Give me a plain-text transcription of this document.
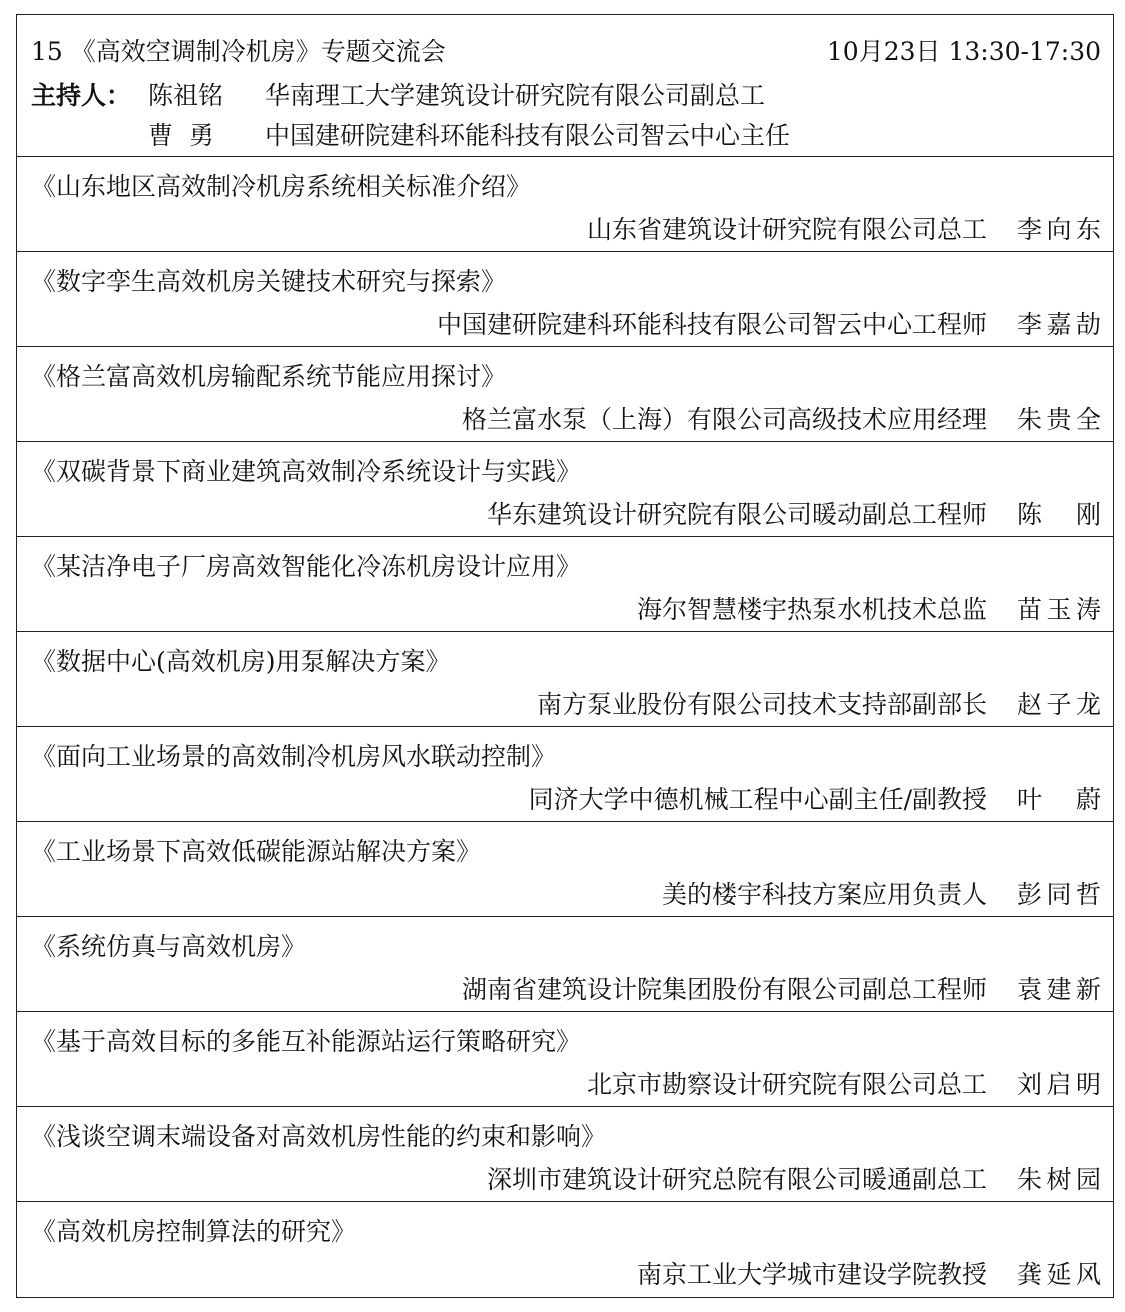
15 《高效空调制冷机房》专题交流会	10月23日 13:30-17:30
主持人： 陈祖铭 华南理工大学建筑设计研究院有限公司副总工
曹  勇 中国建研院建科环能科技有限公司智云中心主任
《山东地区高效制冷机房系统相关标准介绍》
山东省建筑设计研究院有限公司总工 李向东
《数字孪生高效机房关键技术研究与探索》
中国建研院建科环能科技有限公司智云中心工程师 李嘉劼
《格兰富高效机房输配系统节能应用探讨》
格兰富水泵（上海）有限公司高级技术应用经理 朱贵全
《双碳背景下商业建筑高效制冷系统设计与实践》
华东建筑设计研究院有限公司暖动副总工程师 陈 刚
《某洁净电子厂房高效智能化冷冻机房设计应用》
海尔智慧楼宇热泵水机技术总监 苗玉涛
《数据中心(高效机房)用泵解决方案》
南方泵业股份有限公司技术支持部副部长 赵子龙
《面向工业场景的高效制冷机房风水联动控制》
同济大学中德机械工程中心副主任/副教授 叶 蔚
《工业场景下高效低碳能源站解决方案》
美的楼宇科技方案应用负责人 彭同哲
《系统仿真与高效机房》
湖南省建筑设计院集团股份有限公司副总工程师 袁建新
《基于高效目标的多能互补能源站运行策略研究》
北京市勘察设计研究院有限公司总工 刘启明
《浅谈空调末端设备对高效机房性能的约束和影响》
深圳市建筑设计研究总院有限公司暖通副总工 朱树园
《高效机房控制算法的研究》
南京工业大学城市建设学院教授 龚延风
